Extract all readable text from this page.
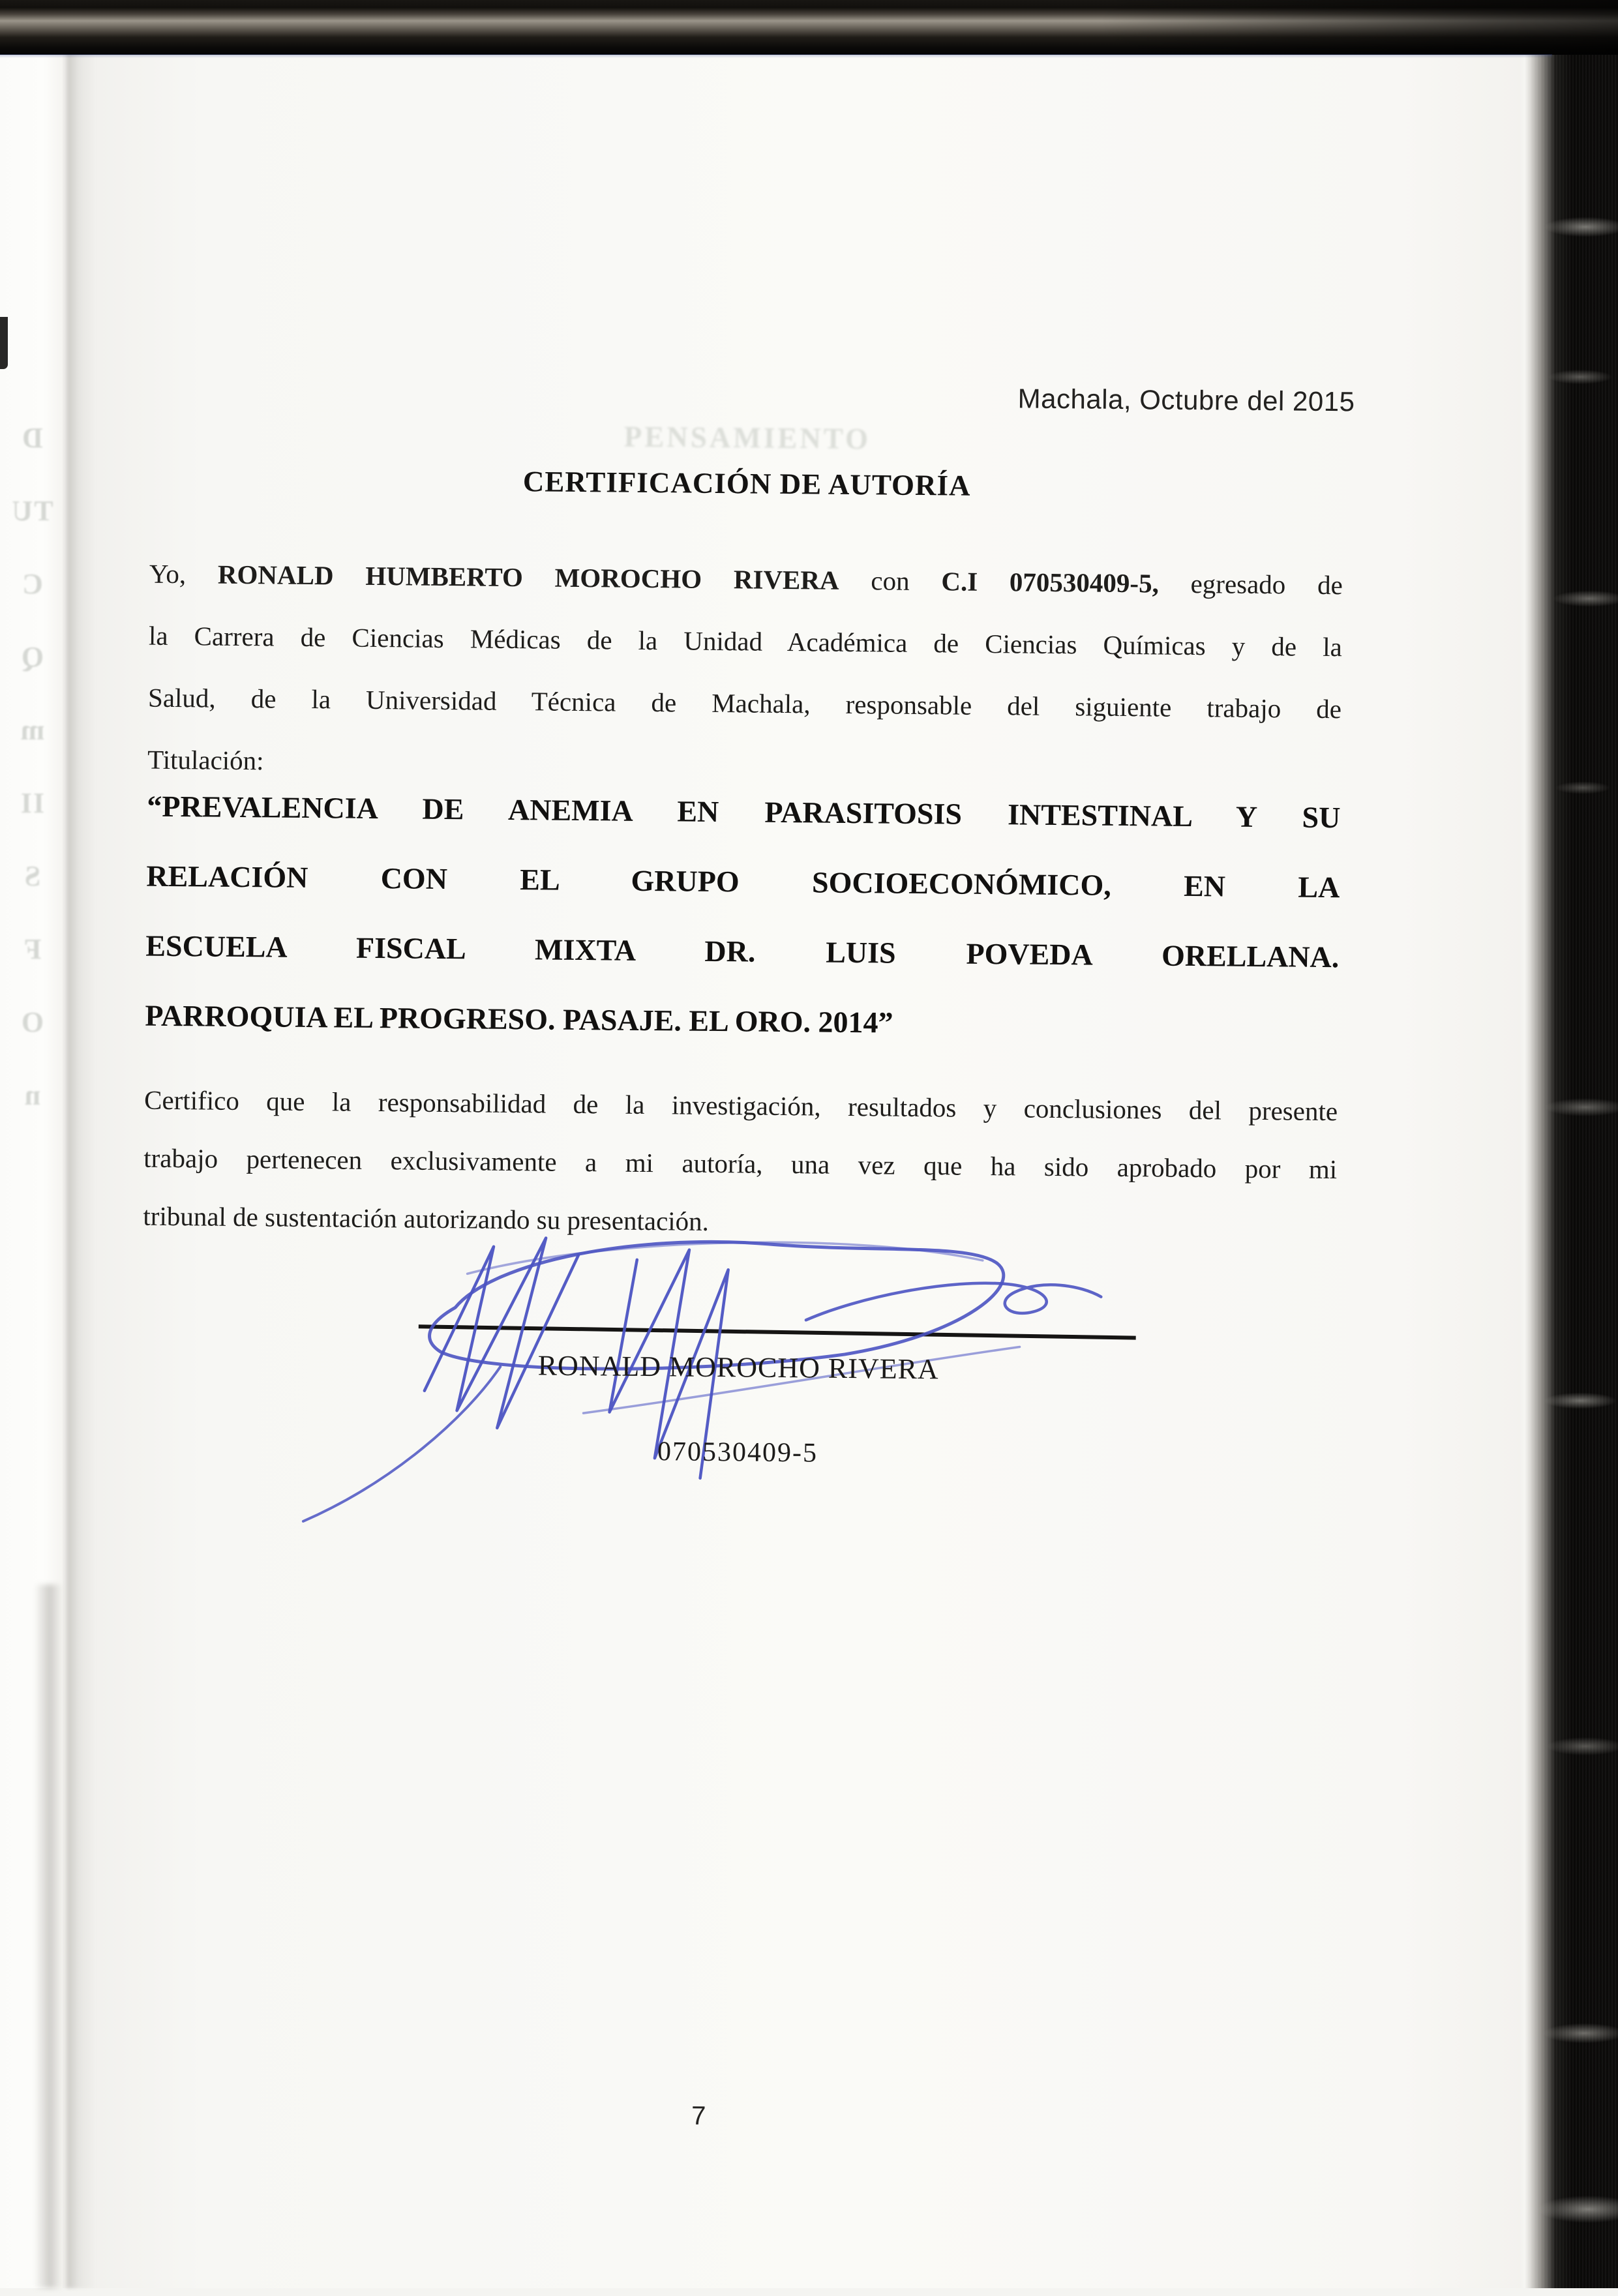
D
TU
C
Q
m
II
S
F
O
n
PENSAMIENTO
Machala, Octubre del 2015
CERTIFICACIÓN DE AUTORÍA
Yo, RONALD HUMBERTO MOROCHO RIVERA con C.I 070530409-5, egresado de
la Carrera de Ciencias Médicas de la Unidad Académica de Ciencias Químicas y de la
Salud, de la Universidad Técnica de Machala, responsable del siguiente trabajo de
Titulación:
“PREVALENCIA DE ANEMIA EN PARASITOSIS INTESTINAL Y SU
RELACIÓN CON EL GRUPO SOCIOECONÓMICO, EN LA
ESCUELA FISCAL MIXTA DR. LUIS POVEDA ORELLANA.
PARROQUIA EL PROGRESO. PASAJE. EL ORO. 2014”
Certifico que la responsabilidad de la investigación, resultados y conclusiones del presente
trabajo pertenecen exclusivamente a mi autoría, una vez que ha sido aprobado por mi
tribunal de sustentación autorizando su presentación.
RONALD MOROCHO RIVERA
070530409-5
7
